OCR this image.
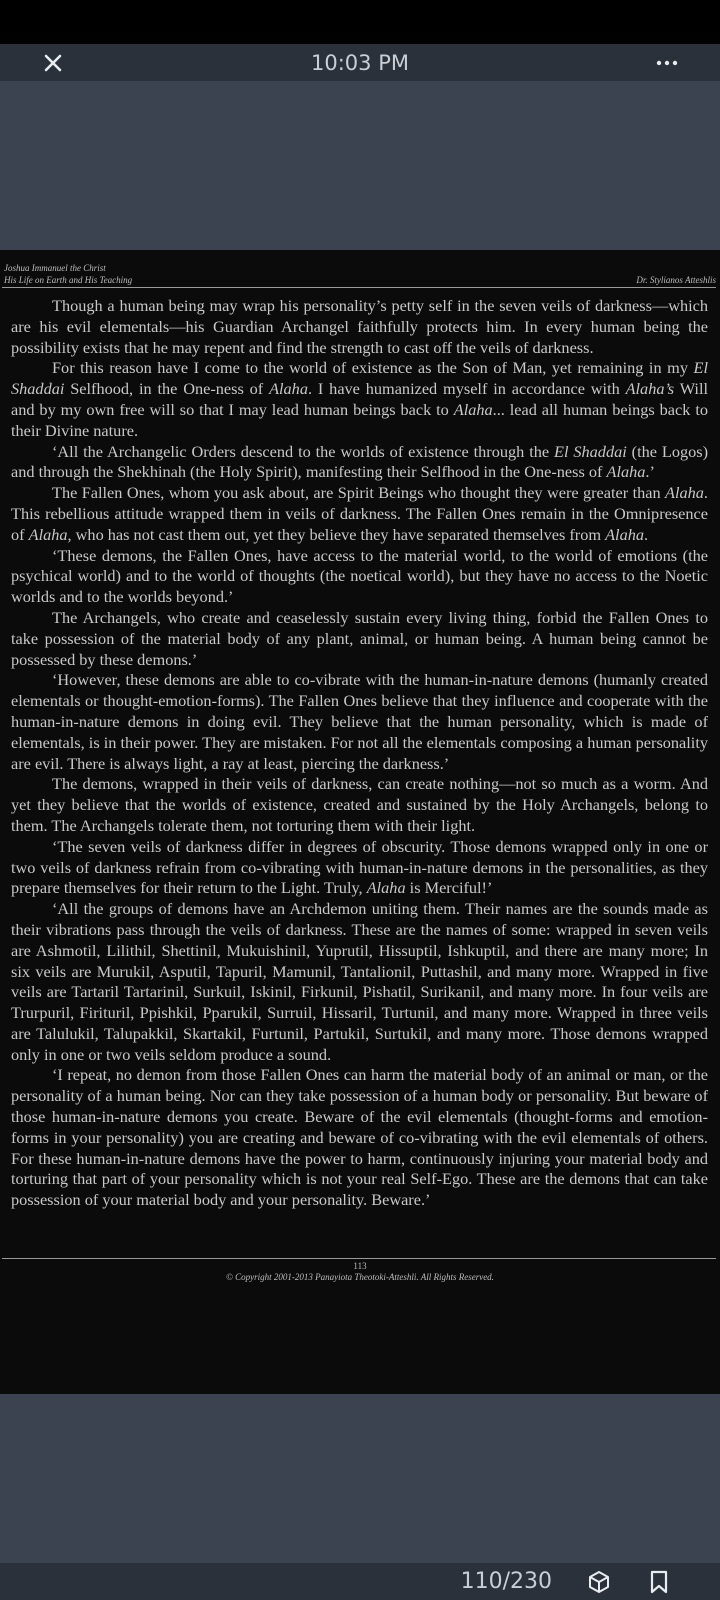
10:03 PM
Joshua Immanuel the Christ
His Life on Earth and His Teaching	Dr. Stylianos Atteshlis

Though a human being may wrap his personality’s petty self in the seven veils of darkness—which are his evil elementals—his Guardian Archangel faithfully protects him. In every human being the possibility exists that he may repent and find the strength to cast off the veils of darkness.

For this reason have I come to the world of existence as the Son of Man, yet remaining in my El Shaddai Selfhood, in the One-ness of Alaha. I have humanized myself in accordance with Alaha’s Will and by my own free will so that I may lead human beings back to Alaha... lead all human beings back to their Divine nature.

‘All the Archangelic Orders descend to the worlds of existence through the El Shaddai (the Logos) and through the Shekhinah (the Holy Spirit), manifesting their Selfhood in the One-ness of Alaha.’

The Fallen Ones, whom you ask about, are Spirit Beings who thought they were greater than Alaha. This rebellious attitude wrapped them in veils of darkness. The Fallen Ones remain in the Omnipresence of Alaha, who has not cast them out, yet they believe they have separated themselves from Alaha.

‘These demons, the Fallen Ones, have access to the material world, to the world of emotions (the psychical world) and to the world of thoughts (the noetical world), but they have no access to the Noetic worlds and to the worlds beyond.’

The Archangels, who create and ceaselessly sustain every living thing, forbid the Fallen Ones to take possession of the material body of any plant, animal, or human being. A human being cannot be possessed by these demons.’

‘However, these demons are able to co-vibrate with the human-in-nature demons (humanly created elementals or thought-emotion-forms). The Fallen Ones believe that they influence and cooperate with the human-in-nature demons in doing evil. They believe that the human personality, which is made of elementals, is in their power. They are mistaken. For not all the elementals composing a human personality are evil. There is always light, a ray at least, piercing the darkness.’

The demons, wrapped in their veils of darkness, can create nothing—not so much as a worm. And yet they believe that the worlds of existence, created and sustained by the Holy Archangels, belong to them. The Archangels tolerate them, not torturing them with their light.

‘The seven veils of darkness differ in degrees of obscurity. Those demons wrapped only in one or two veils of darkness refrain from co-vibrating with human-in-nature demons in the personalities, as they prepare themselves for their return to the Light. Truly, Alaha is Merciful!’

‘All the groups of demons have an Archdemon uniting them. Their names are the sounds made as their vibrations pass through the veils of darkness. These are the names of some: wrapped in seven veils are Ashmotil, Lilithil, Shettinil, Mukuishinil, Yuprutil, Hissuptil, Ishkuptil, and there are many more; In six veils are Murukil, Asputil, Tapuril, Mamunil, Tantalionil, Puttashil, and many more. Wrapped in five veils are Tartaril Tartarinil, Surkuil, Iskinil, Firkunil, Pishatil, Surikanil, and many more. In four veils are Trurpuril, Firituril, Ppishkil, Pparukil, Surruil, Hissaril, Turtunil, and many more. Wrapped in three veils are Talulukil, Talupakkil, Skartakil, Furtunil, Partukil, Surtukil, and many more. Those demons wrapped only in one or two veils seldom produce a sound.

‘I repeat, no demon from those Fallen Ones can harm the material body of an animal or man, or the personality of a human being. Nor can they take possession of a human body or personality. But beware of those human-in-nature demons you create. Beware of the evil elementals (thought-forms and emotion-forms in your personality) you are creating and beware of co-vibrating with the evil elementals of others. For these human-in-nature demons have the power to harm, continuously injuring your material body and torturing that part of your personality which is not your real Self-Ego. These are the demons that can take possession of your material body and your personality. Beware.’

113
© Copyright 2001-2013 Panayiota Theotoki-Atteshli. All Rights Reserved.
110/230
